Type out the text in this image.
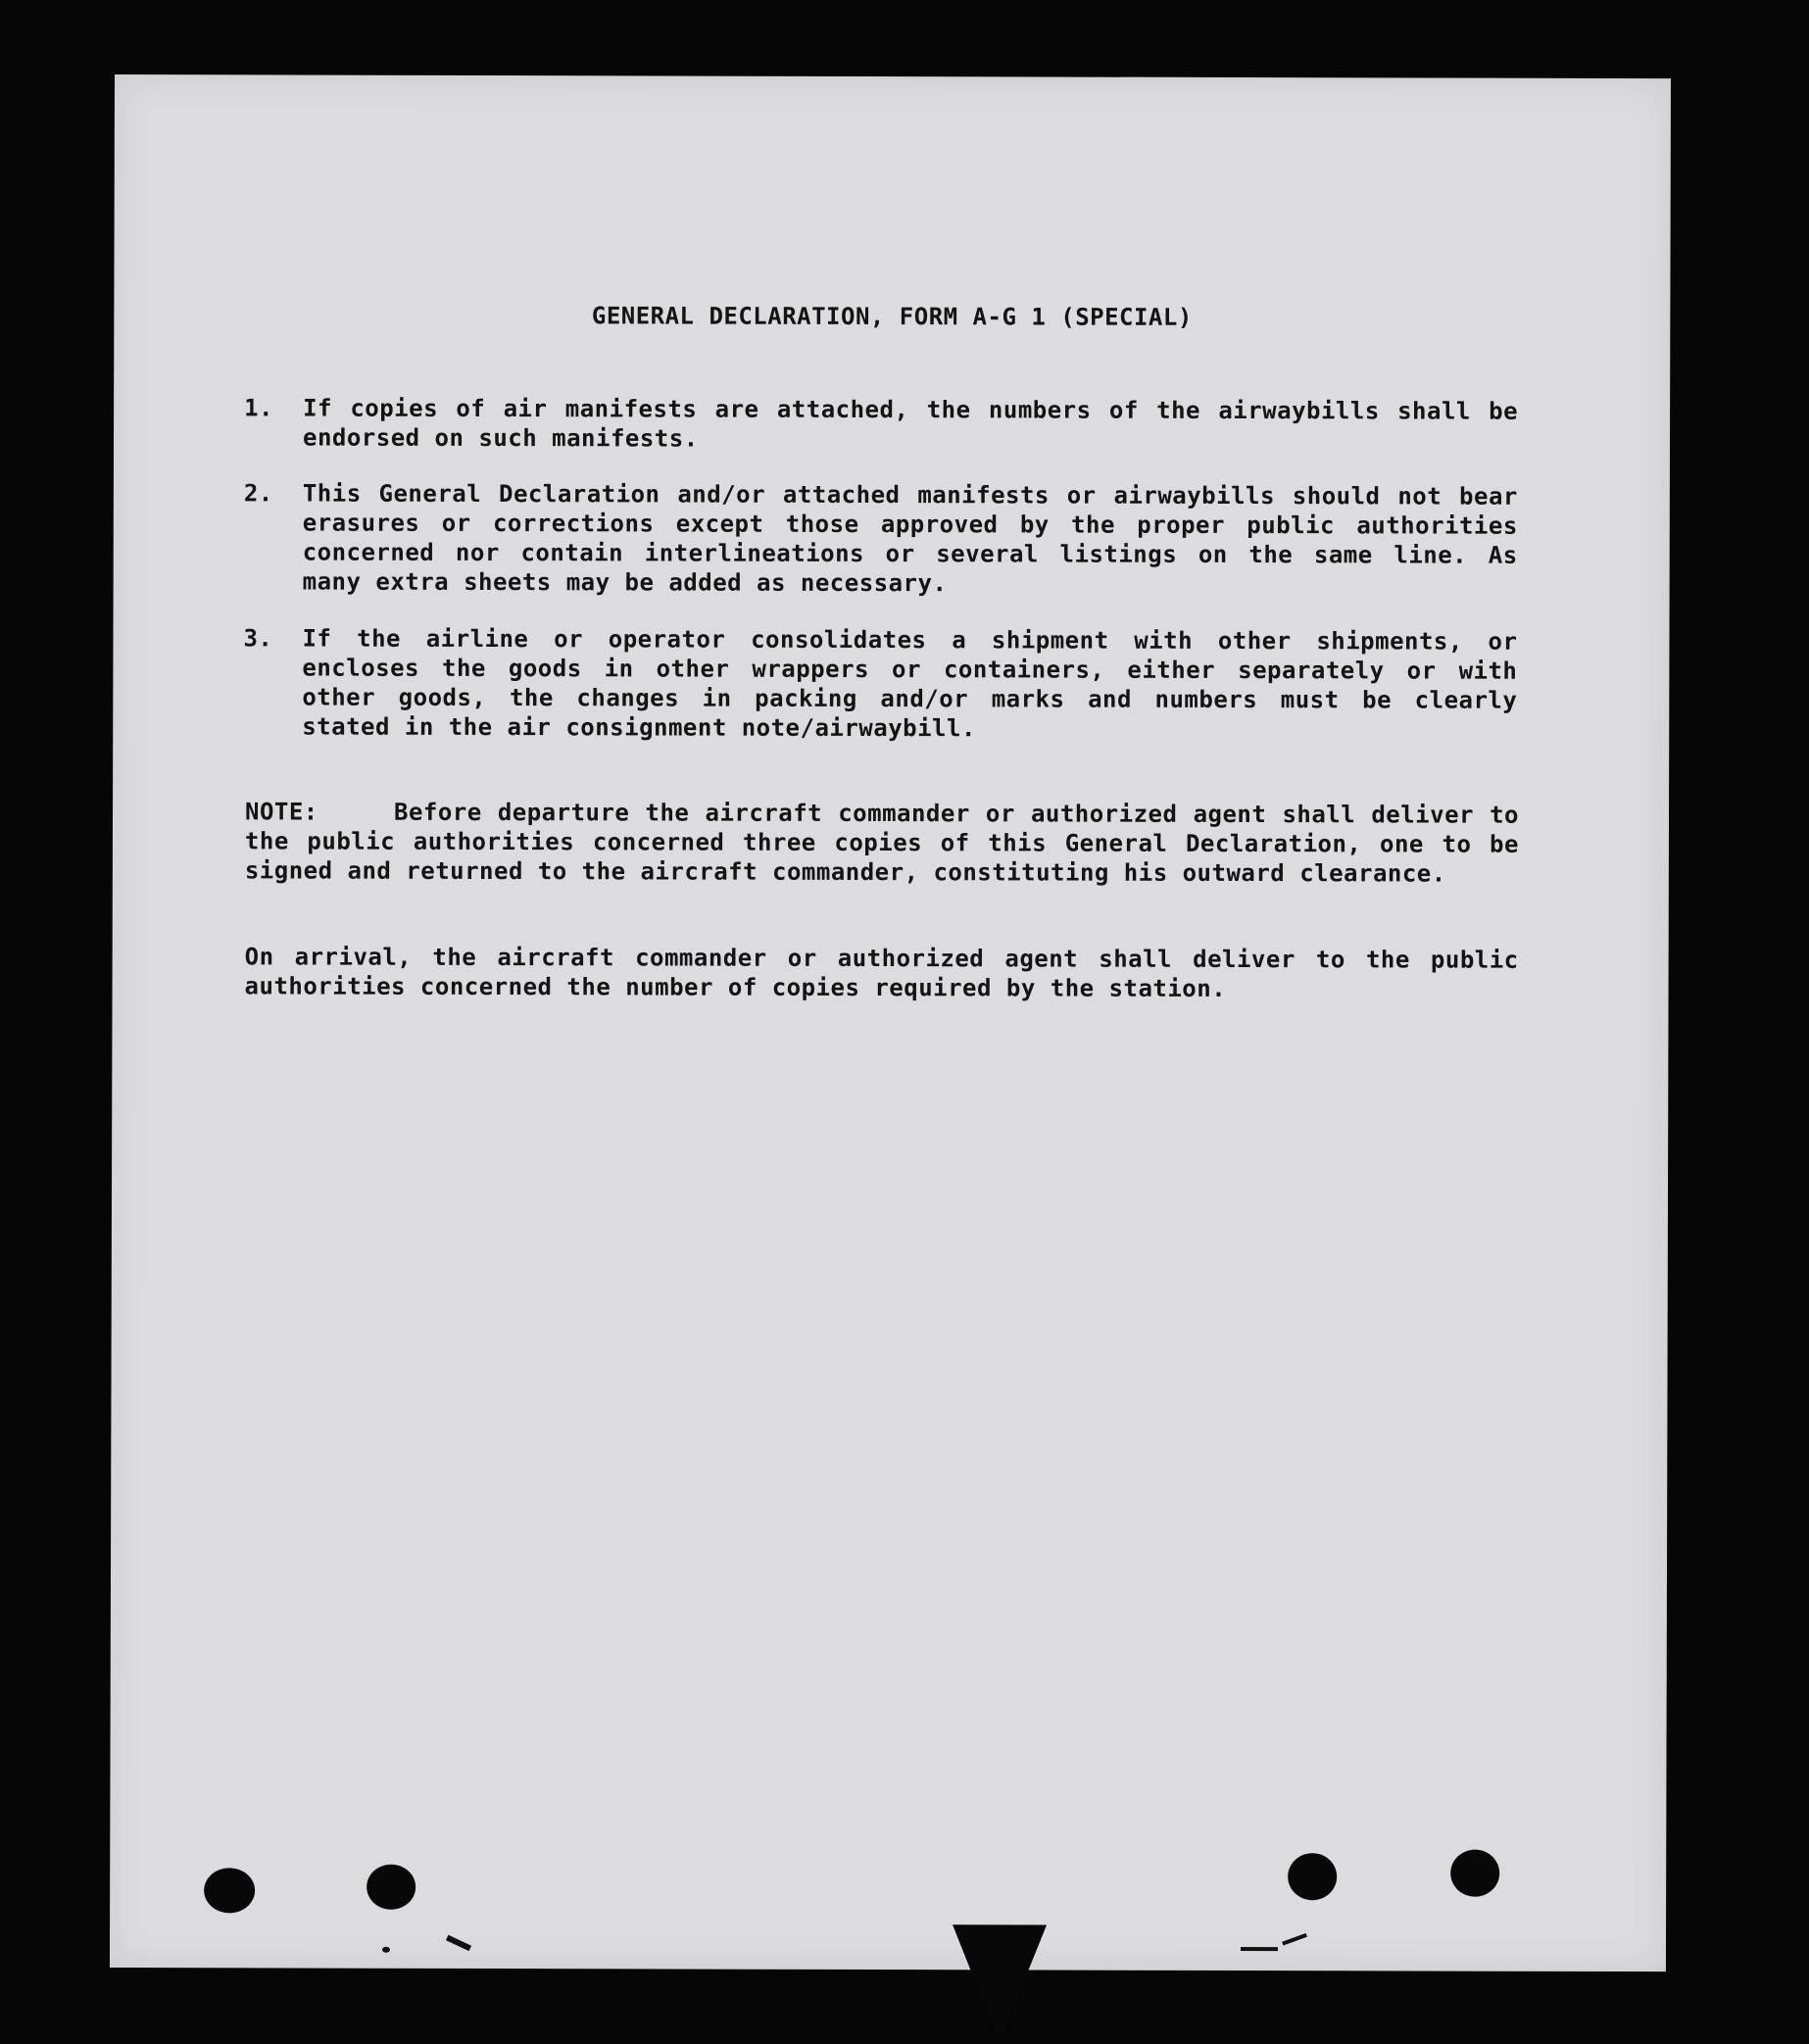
GENERAL DECLARATION, FORM A-G 1 (SPECIAL)
1.	If copies of air manifests are attached, the numbers of the airwaybills shall be endorsed on such manifests.
2.	This General Declaration and/or attached manifests or airwaybills should not bear erasures or corrections except those approved by the proper public authorities concerned nor contain interlineations or several listings on the same line. As many extra sheets may be added as necessary.
3.	If the airline or operator consolidates a shipment with other shipments, or encloses the goods in other wrappers or containers, either separately or with other goods, the changes in packing and/or marks and numbers must be clearly stated in the air consignment note/airwaybill.
NOTE:	Before departure the aircraft commander or authorized agent shall deliver to the public authorities concerned three copies of this General Declaration, one to be signed and returned to the aircraft commander, constituting his outward clearance.
On arrival, the aircraft commander or authorized agent shall deliver to the public authorities concerned the number of copies required by the station.
